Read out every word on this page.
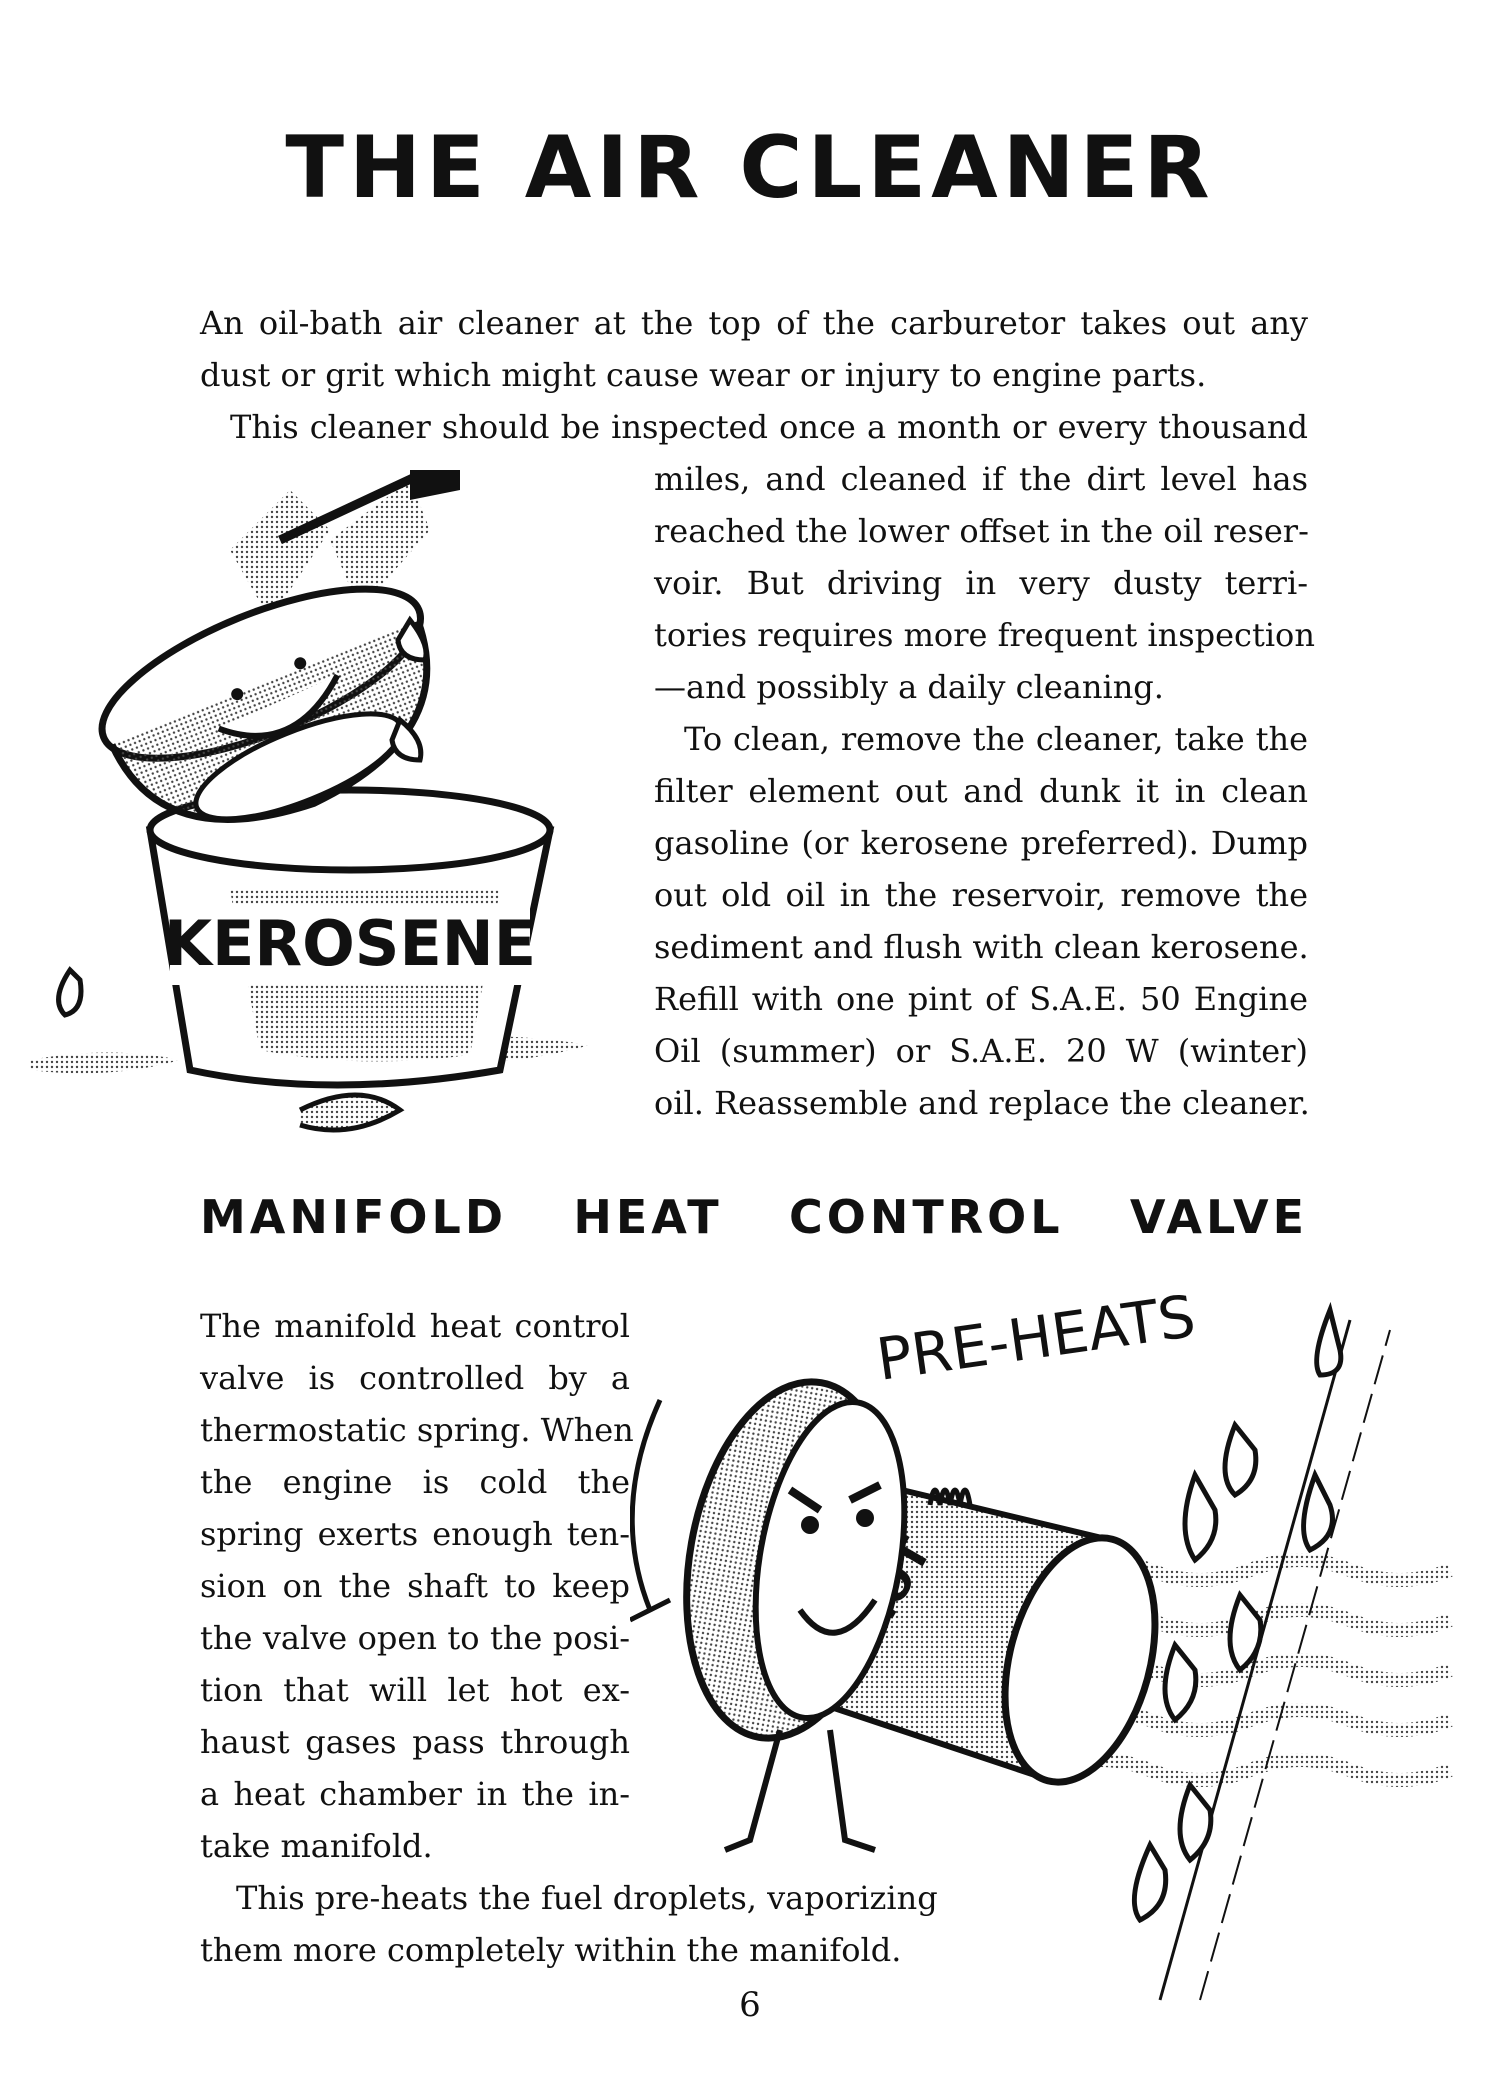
THE AIR CLEANER
An oil-bath air cleaner at the top of the carburetor takes out any
dust or grit which might cause wear or injury to engine parts.
This cleaner should be inspected once a month or every thousand
miles, and cleaned if the dirt level has
reached the lower offset in the oil reser-
voir. But driving in very dusty terri-
tories requires more frequent inspection
—and possibly a daily cleaning.
To clean, remove the cleaner, take the
filter element out and dunk it in clean
gasoline (or kerosene preferred). Dump
out old oil in the reservoir, remove the
sediment and flush with clean kerosene.
Refill with one pint of S.A.E. 50 Engine
Oil (summer) or S.A.E. 20 W (winter)
oil. Reassemble and replace the cleaner.
KEROSENE
MANIFOLD HEAT CONTROL VALVE
The manifold heat control
valve is controlled by a
thermostatic spring. When
the engine is cold the
spring exerts enough ten-
sion on the shaft to keep
the valve open to the posi-
tion that will let hot ex-
haust gases pass through
a heat chamber in the in-
take manifold.
This pre-heats the fuel droplets, vaporizing
them more completely within the manifold.
PRE-HEATS
6
